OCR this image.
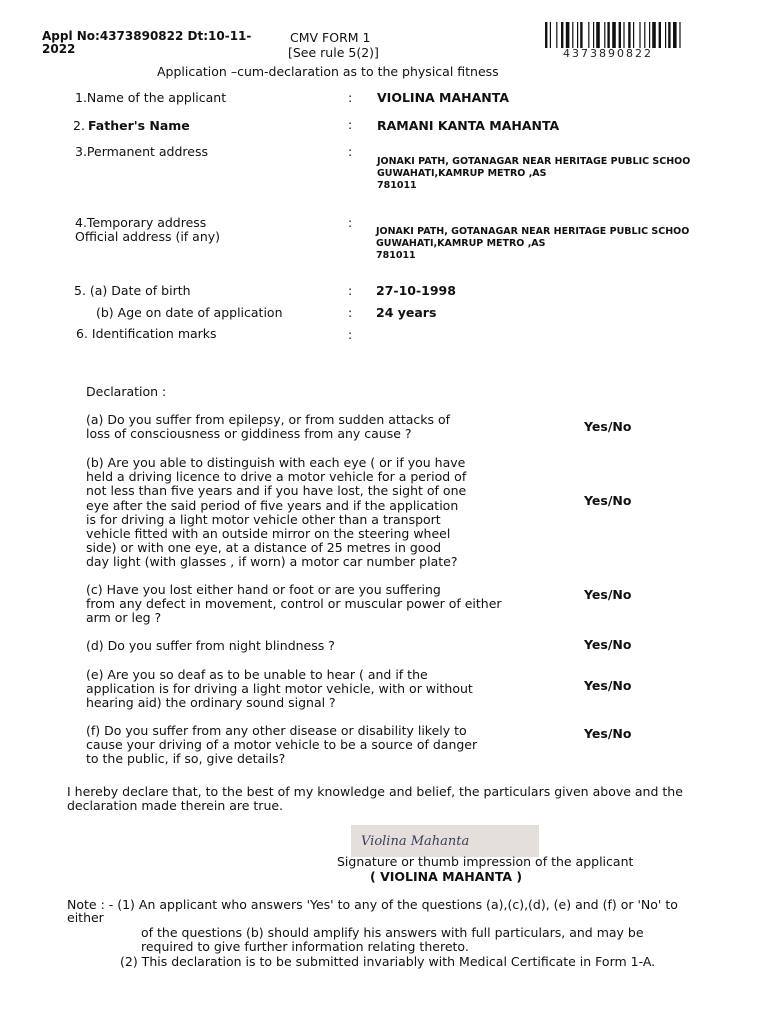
Appl No:4373890822 Dt:10-11-
2022
CMV FORM 1
[See rule 5(2)]
Application –cum-declaration as to the physical fitness
4373890822
1.Name of the applicant	: VIOLINA MAHANTA
2. Father's Name	: RAMANI KANTA MAHANTA
3.Permanent address	:
JONAKI PATH, GOTANAGAR NEAR HERITAGE PUBLIC SCHOO
GUWAHATI,KAMRUP METRO ,AS
781011
4.Temporary address
Official address (if any)
:
JONAKI PATH, GOTANAGAR NEAR HERITAGE PUBLIC SCHOO
GUWAHATI,KAMRUP METRO ,AS
781011
5. (a) Date of birth	: 27-10-1998
(b) Age on date of application	: 24 years
6. Identification marks	:
Declaration :
(a) Do you suffer from epilepsy, or from sudden attacks of
loss of consciousness or giddiness from any cause ?	Yes/No
(b) Are you able to distinguish with each eye ( or if you have
held a driving licence to drive a motor vehicle for a period of
not less than five years and if you have lost, the sight of one
eye after the said period of five years and if the application
is for driving a light motor vehicle other than a transport
vehicle fitted with an outside mirror on the steering wheel
side) or with one eye, at a distance of 25 metres in good
day light (with glasses , if worn) a motor car number plate?
Yes/No
(c) Have you lost either hand or foot or are you suffering
from any defect in movement, control or muscular power of either
arm or leg ?
Yes/No
(d) Do you suffer from night blindness ?	Yes/No
(e) Are you so deaf as to be unable to hear ( and if the
application is for driving a light motor vehicle, with or without
hearing aid) the ordinary sound signal ?
Yes/No
(f) Do you suffer from any other disease or disability likely to
cause your driving of a motor vehicle to be a source of danger
to the public, if so, give details?
Yes/No
I hereby declare that, to the best of my knowledge and belief, the particulars given above and the
declaration made therein are true.
Violina Mahanta
Signature or thumb impression of the applicant
( VIOLINA MAHANTA )
Note : - (1) An applicant who answers 'Yes' to any of the questions (a),(c),(d), (e) and (f) or 'No' to
either
of the questions (b) should amplify his answers with full particulars, and may be
required to give further information relating thereto.
(2) This declaration is to be submitted invariably with Medical Certificate in Form 1-A.
